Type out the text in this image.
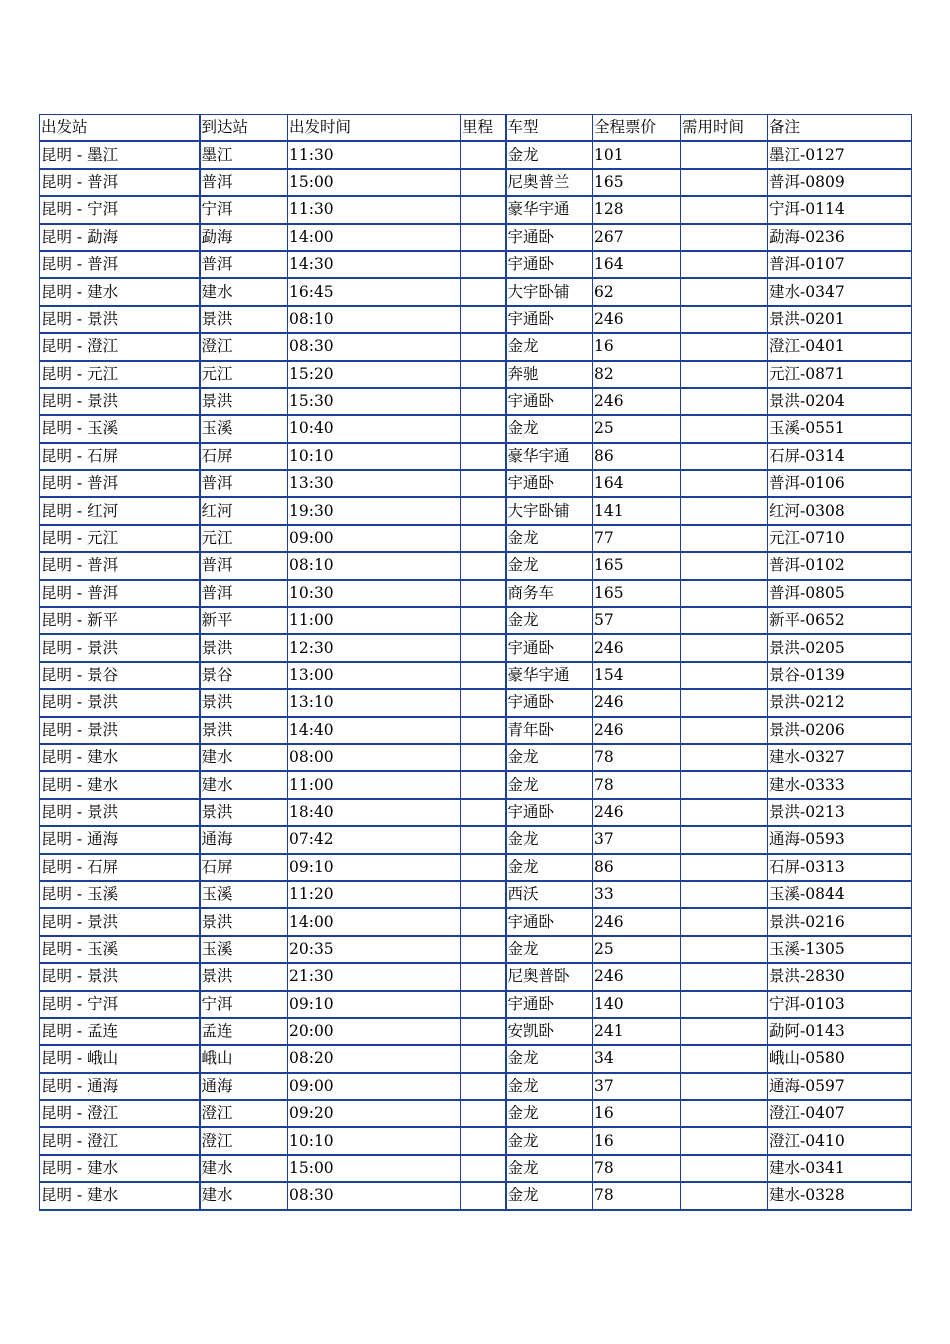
出发站	到达站	出发时间	里程	车型	全程票价	需用时间	备注
昆明 - 墨江	墨江	11:30		金龙	101		墨江-0127
昆明 - 普洱	普洱	15:00		尼奥普兰	165		普洱-0809
昆明 - 宁洱	宁洱	11:30		豪华宇通	128		宁洱-0114
昆明 - 勐海	勐海	14:00		宇通卧	267		勐海-0236
昆明 - 普洱	普洱	14:30		宇通卧	164		普洱-0107
昆明 - 建水	建水	16:45		大宇卧铺	62		建水-0347
昆明 - 景洪	景洪	08:10		宇通卧	246		景洪-0201
昆明 - 澄江	澄江	08:30		金龙	16		澄江-0401
昆明 - 元江	元江	15:20		奔驰	82		元江-0871
昆明 - 景洪	景洪	15:30		宇通卧	246		景洪-0204
昆明 - 玉溪	玉溪	10:40		金龙	25		玉溪-0551
昆明 - 石屏	石屏	10:10		豪华宇通	86		石屏-0314
昆明 - 普洱	普洱	13:30		宇通卧	164		普洱-0106
昆明 - 红河	红河	19:30		大宇卧铺	141		红河-0308
昆明 - 元江	元江	09:00		金龙	77		元江-0710
昆明 - 普洱	普洱	08:10		金龙	165		普洱-0102
昆明 - 普洱	普洱	10:30		商务车	165		普洱-0805
昆明 - 新平	新平	11:00		金龙	57		新平-0652
昆明 - 景洪	景洪	12:30		宇通卧	246		景洪-0205
昆明 - 景谷	景谷	13:00		豪华宇通	154		景谷-0139
昆明 - 景洪	景洪	13:10		宇通卧	246		景洪-0212
昆明 - 景洪	景洪	14:40		青年卧	246		景洪-0206
昆明 - 建水	建水	08:00		金龙	78		建水-0327
昆明 - 建水	建水	11:00		金龙	78		建水-0333
昆明 - 景洪	景洪	18:40		宇通卧	246		景洪-0213
昆明 - 通海	通海	07:42		金龙	37		通海-0593
昆明 - 石屏	石屏	09:10		金龙	86		石屏-0313
昆明 - 玉溪	玉溪	11:20		西沃	33		玉溪-0844
昆明 - 景洪	景洪	14:00		宇通卧	246		景洪-0216
昆明 - 玉溪	玉溪	20:35		金龙	25		玉溪-1305
昆明 - 景洪	景洪	21:30		尼奥普卧	246		景洪-2830
昆明 - 宁洱	宁洱	09:10		宇通卧	140		宁洱-0103
昆明 - 孟连	孟连	20:00		安凯卧	241		勐阿-0143
昆明 - 峨山	峨山	08:20		金龙	34		峨山-0580
昆明 - 通海	通海	09:00		金龙	37		通海-0597
昆明 - 澄江	澄江	09:20		金龙	16		澄江-0407
昆明 - 澄江	澄江	10:10		金龙	16		澄江-0410
昆明 - 建水	建水	15:00		金龙	78		建水-0341
昆明 - 建水	建水	08:30		金龙	78		建水-0328
